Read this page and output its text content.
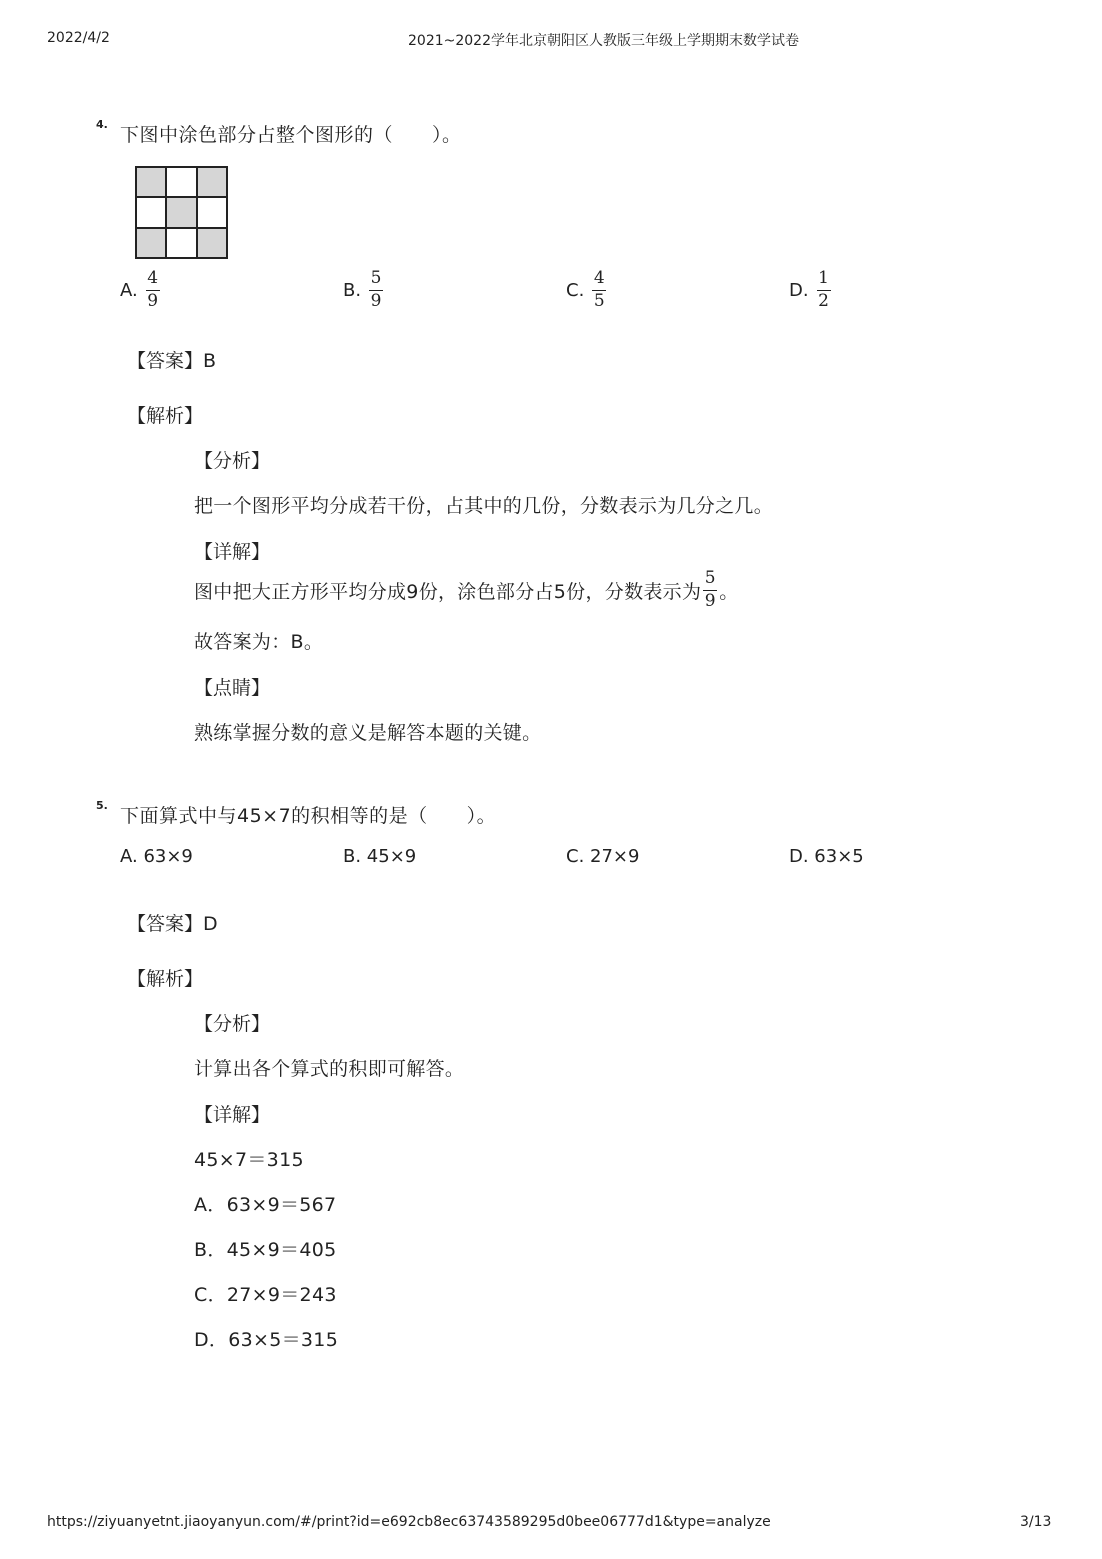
2022/4/2	2021~2022学年北京朝阳区人教版三年级上学期期末数学试卷
4. 下图中涂色部分占整个图形的（　　）。
A. $\frac{4}{9}$	B. $\frac{5}{9}$	C. $\frac{4}{5}$	D. $\frac{1}{2}$
【答案】B
【解析】
【分析】
把一个图形平均分成若干份，占其中的几份，分数表示为几分之几。
【详解】
图中把大正方形平均分成9份，涂色部分占5份，分数表示为 $\frac{5}{9}$ 。
故答案为：B。
【点睛】
熟练掌握分数的意义是解答本题的关键。
5. 下面算式中与45×7的积相等的是（　　）。
A. 63×9	B. 45×9	C. 27×9	D. 63×5
【答案】D
【解析】
【分析】
计算出各个算式的积即可解答。
【详解】
45×7＝315
A．63×9＝567
B．45×9＝405
C．27×9＝243
D．63×5＝315
https://ziyuanyetnt.jiaoyanyun.com/#/print?id=e692cb8ec63743589295d0bee06777d1&type=analyze	3/13
